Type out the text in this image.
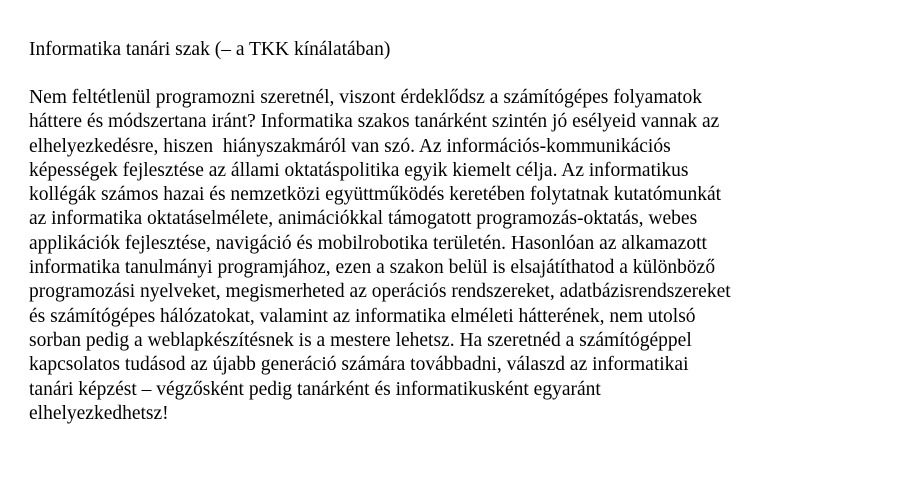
Informatika tanári szak (– a TKK kínálatában)

Nem feltétlenül programozni szeretnél, viszont érdeklődsz a számítógépes folyamatok
háttere és módszertana iránt? Informatika szakos tanárként szintén jó esélyeid vannak az
elhelyezkedésre, hiszen  hiányszakmáról van szó. Az információs-kommunikációs
képességek fejlesztése az állami oktatáspolitika egyik kiemelt célja. Az informatikus
kollégák számos hazai és nemzetközi együttműködés keretében folytatnak kutatómunkát
az informatika oktatáselmélete, animációkkal támogatott programozás-oktatás, webes
applikációk fejlesztése, navigáció és mobilrobotika területén. Hasonlóan az alkamazott
informatika tanulmányi programjához, ezen a szakon belül is elsajátíthatod a különböző
programozási nyelveket, megismerheted az operációs rendszereket, adatbázisrendszereket
és számítógépes hálózatokat, valamint az informatika elméleti hátterének, nem utolsó
sorban pedig a weblapkészítésnek is a mestere lehetsz. Ha szeretnéd a számítógéppel
kapcsolatos tudásod az újabb generáció számára továbbadni, válaszd az informatikai
tanári képzést – végzősként pedig tanárként és informatikusként egyaránt
elhelyezkedhetsz!
